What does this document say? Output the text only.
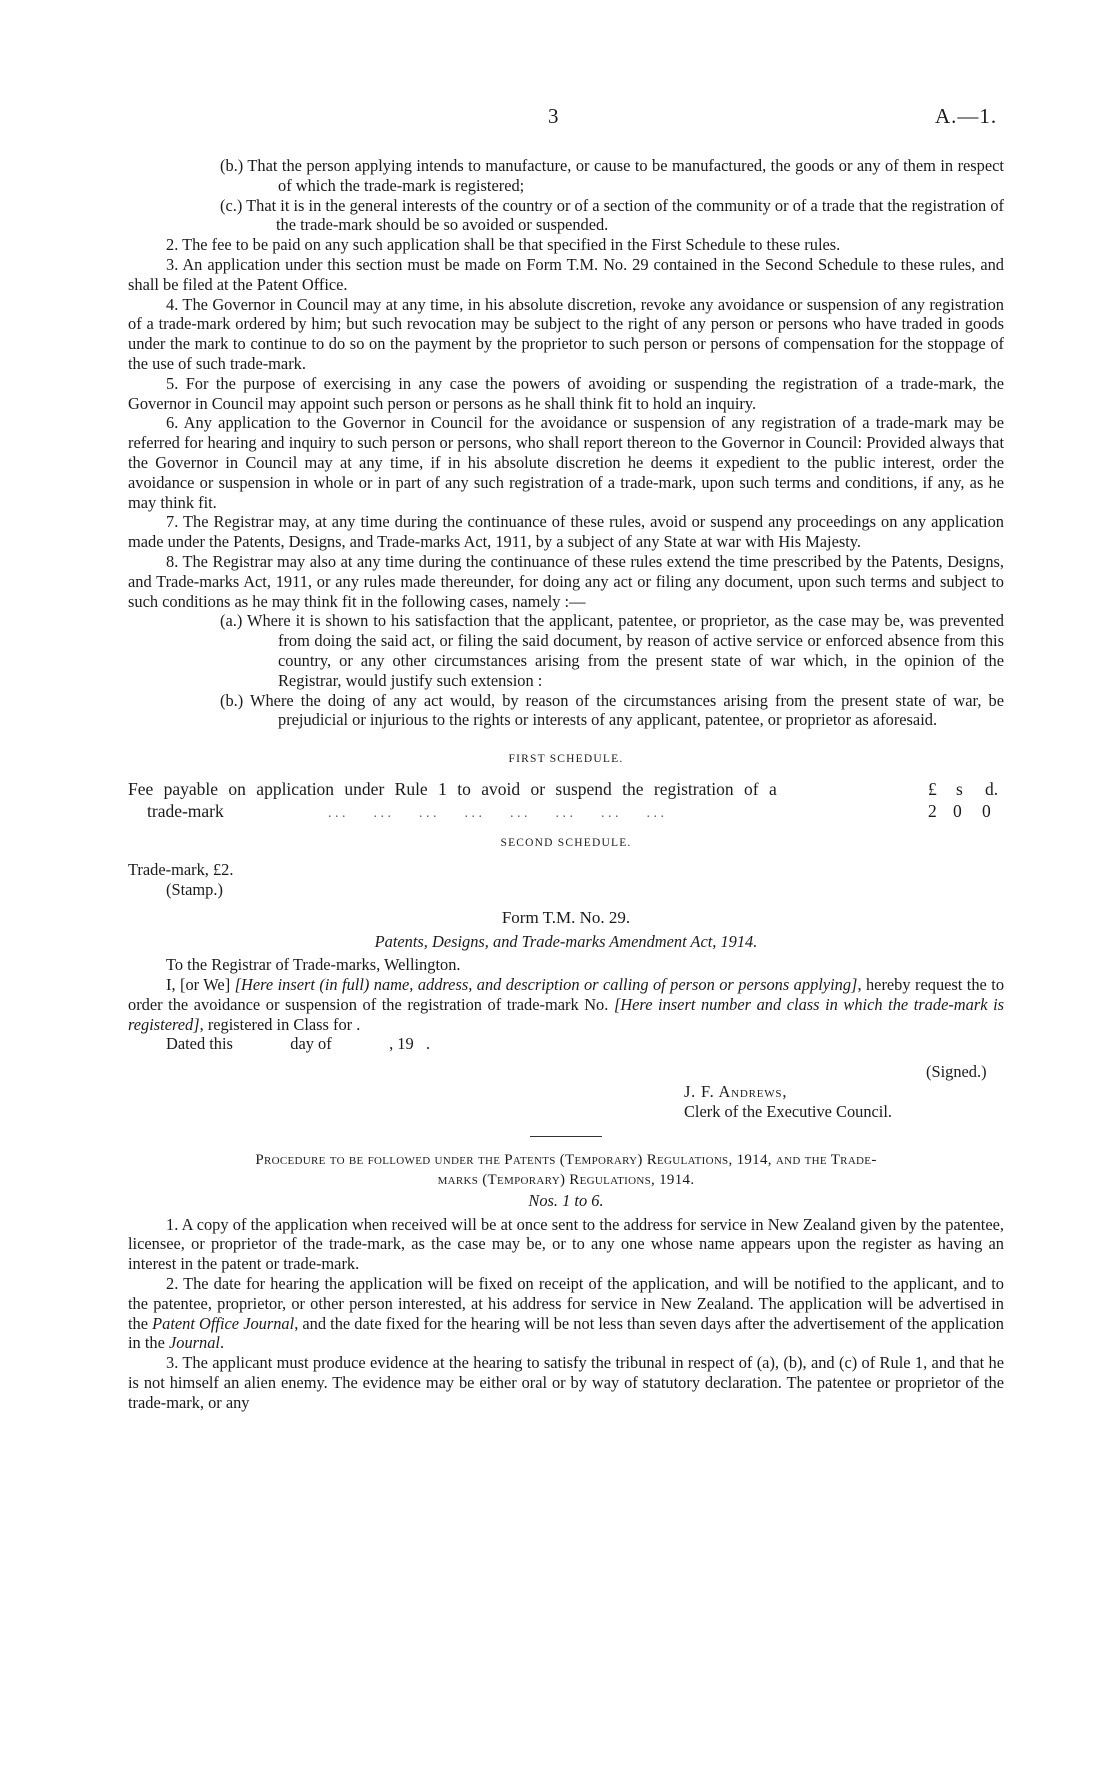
3	A.—1.

(b.) That the person applying intends to manufacture, or cause to be manufactured, the goods or any of them in respect of which the trade-mark is registered;

(c.) That it is in the general interests of the country or of a section of the community or of a trade that the registration of the trade-mark should be so avoided or suspended.

2. The fee to be paid on any such application shall be that specified in the First Schedule to these rules.

3. An application under this section must be made on Form T.M. No. 29 contained in the Second Schedule to these rules, and shall be filed at the Patent Office.

4. The Governor in Council may at any time, in his absolute discretion, revoke any avoidance or suspension of any registration of a trade-mark ordered by him; but such revocation may be subject to the right of any person or persons who have traded in goods under the mark to continue to do so on the payment by the proprietor to such person or persons of compensation for the stoppage of the use of such trade-mark.

5. For the purpose of exercising in any case the powers of avoiding or suspending the registration of a trade-mark, the Governor in Council may appoint such person or persons as he shall think fit to hold an inquiry.

6. Any application to the Governor in Council for the avoidance or suspension of any registration of a trade-mark may be referred for hearing and inquiry to such person or persons, who shall report thereon to the Governor in Council: Provided always that the Governor in Council may at any time, if in his absolute discretion he deems it expedient to the public interest, order the avoidance or suspension in whole or in part of any such registration of a trade-mark, upon such terms and conditions, if any, as he may think fit.

7. The Registrar may, at any time during the continuance of these rules, avoid or suspend any proceedings on any application made under the Patents, Designs, and Trade-marks Act, 1911, by a subject of any State at war with His Majesty.

8. The Registrar may also at any time during the continuance of these rules extend the time prescribed by the Patents, Designs, and Trade-marks Act, 1911, or any rules made thereunder, for doing any act or filing any document, upon such terms and subject to such conditions as he may think fit in the following cases, namely :—

(a.) Where it is shown to his satisfaction that the applicant, patentee, or proprietor, as the case may be, was prevented from doing the said act, or filing the said document, by reason of active service or enforced absence from this country, or any other circumstances arising from the present state of war which, in the opinion of the Registrar, would justify such extension :

(b.) Where the doing of any act would, by reason of the circumstances arising from the present state of war, be prejudicial or injurious to the rights or interests of any applicant, patentee, or proprietor as aforesaid.

FIRST SCHEDULE.

Fee payable on application under Rule 1 to avoid or suspend the registration of a
trade-mark	. . .        . . .        . . .        . . .        . . .        . . .        . . .        . . .
£ s d.
2 0 0

SECOND SCHEDULE.

Trade-mark, £2.

(Stamp.)

Form T.M. No. 29.

Patents, Designs, and Trade-marks Amendment Act, 1914.

To the Registrar of Trade-marks, Wellington.

I, [or We] [Here insert (in full) name, address, and description or calling of person or persons applying], hereby request the to order the avoidance or suspension of the registration of trade-mark No. [Here insert number and class in which the trade-mark is registered], registered in Class for .

Dated this              day of              , 19   .

(Signed.)
J. F. Andrews,
Clerk of the Executive Council.

Procedure to be followed under the Patents (Temporary) Regulations, 1914, and the Trade-

marks (Temporary) Regulations, 1914.

Nos. 1 to 6.

1. A copy of the application when received will be at once sent to the address for service in New Zealand given by the patentee, licensee, or proprietor of the trade-mark, as the case may be, or to any one whose name appears upon the register as having an interest in the patent or trade-mark.

2. The date for hearing the application will be fixed on receipt of the application, and will be notified to the applicant, and to the patentee, proprietor, or other person interested, at his address for service in New Zealand. The application will be advertised in the Patent Office Journal, and the date fixed for the hearing will be not less than seven days after the advertisement of the application in the Journal.

3. The applicant must produce evidence at the hearing to satisfy the tribunal in respect of (a), (b), and (c) of Rule 1, and that he is not himself an alien enemy. The evidence may be either oral or by way of statutory declaration. The patentee or proprietor of the trade-mark, or any
